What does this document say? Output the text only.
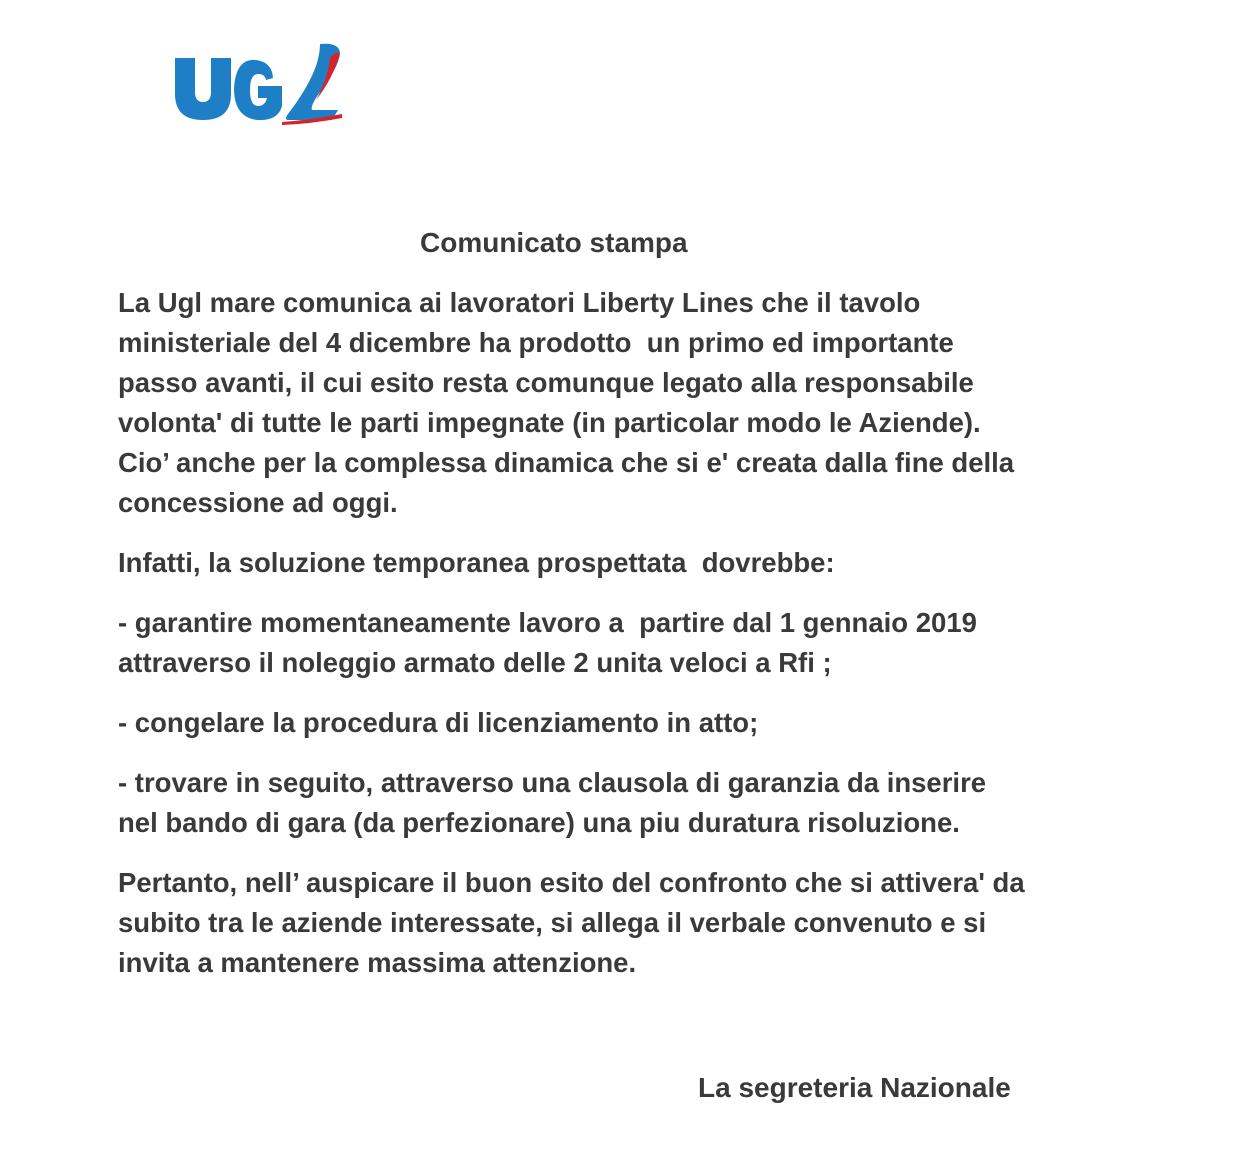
Comunicato stampa
La Ugl mare comunica ai lavoratori Liberty Lines che il tavolo
ministeriale del 4 dicembre ha prodotto  un primo ed importante
passo avanti, il cui esito resta comunque legato alla responsabile
volonta' di tutte le parti impegnate (in particolar modo le Aziende).
Cio’ anche per la complessa dinamica che si e' creata dalla fine della
concessione ad oggi.
Infatti, la soluzione temporanea prospettata  dovrebbe:
- garantire momentaneamente lavoro a  partire dal 1 gennaio 2019
attraverso il noleggio armato delle 2 unita veloci a Rfi ;
- congelare la procedura di licenziamento in atto;
- trovare in seguito, attraverso una clausola di garanzia da inserire
nel bando di gara (da perfezionare) una piu duratura risoluzione.
Pertanto, nell’ auspicare il buon esito del confronto che si attivera' da
subito tra le aziende interessate, si allega il verbale convenuto e si
invita a mantenere massima attenzione.
La segreteria Nazionale
